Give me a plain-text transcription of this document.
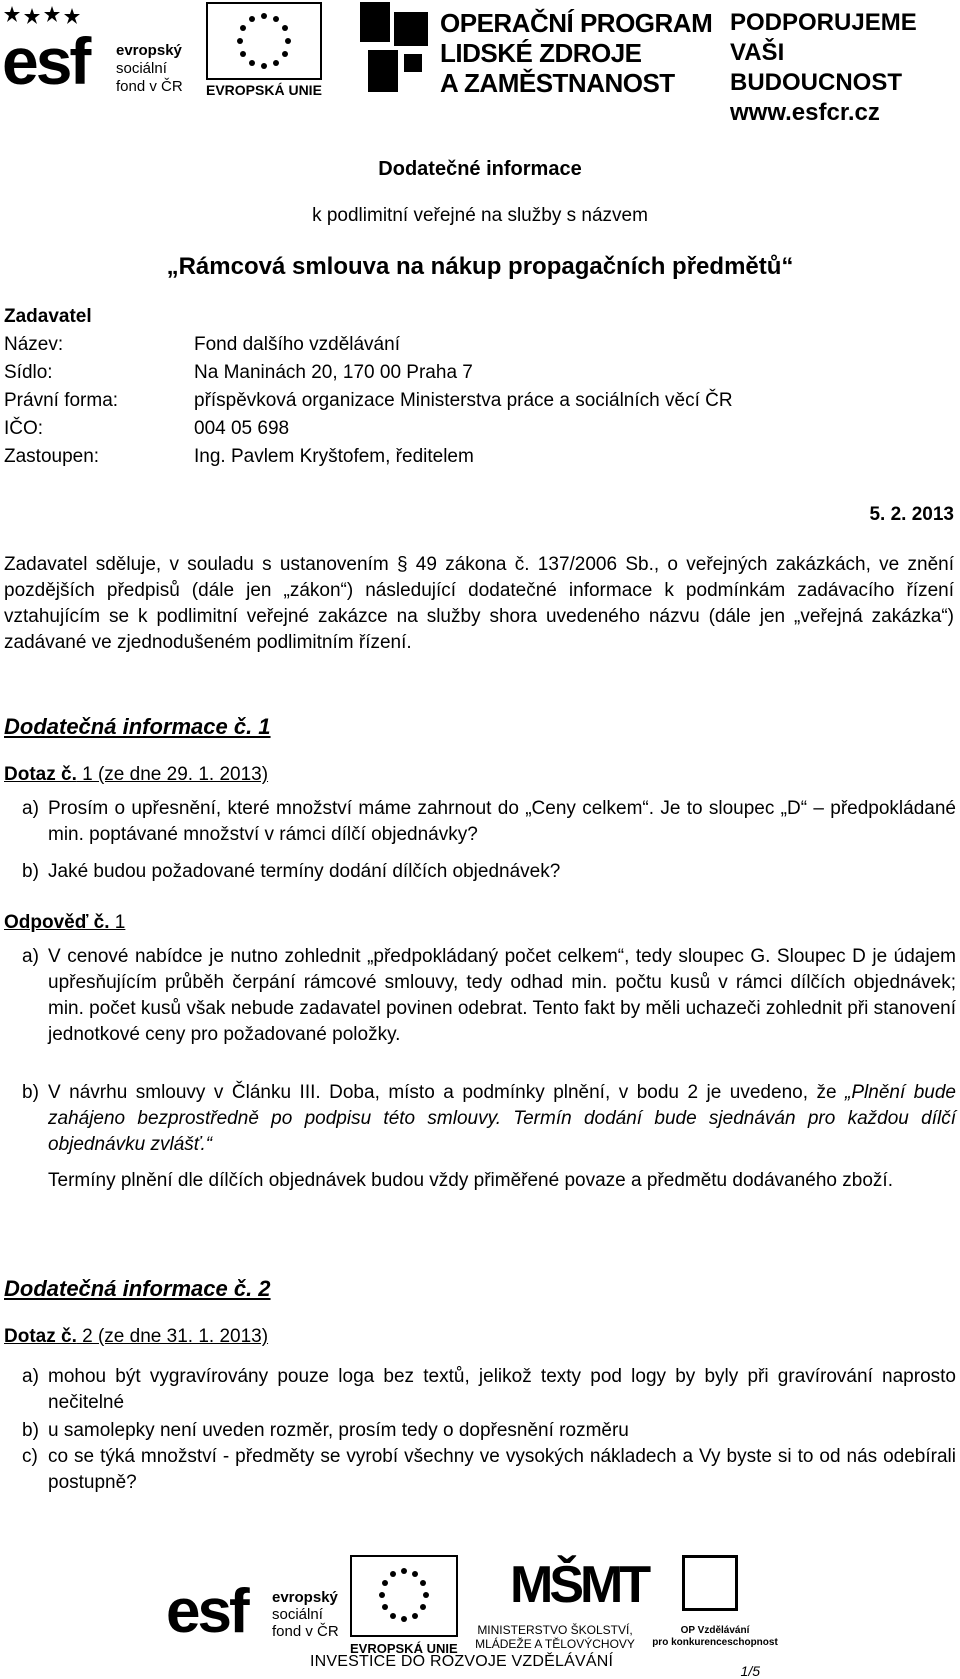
esf evropský
sociální
fond v ČR EVROPSKÁ UNIE
OPERAČNÍ PROGRAM
LIDSKÉ ZDROJE
A ZAMĚSTNANOST
PODPORUJEME
VAŠI BUDOUCNOST
www.esfcr.cz
Dodatečné informace
k podlimitní veřejné na služby s názvem
„Rámcová smlouva na nákup propagačních předmětů“
Zadavatel
Název:	Fond dalšího vzdělávání
Sídlo:	Na Maninách 20, 170 00 Praha 7
Právní forma:	příspěvková organizace Ministerstva práce a sociálních věcí ČR
IČO:	004 05 698
Zastoupen:	Ing. Pavlem Kryštofem, ředitelem
5. 2. 2013
Zadavatel sděluje, v souladu s ustanovením § 49 zákona č. 137/2006 Sb., o veřejných zakázkách, ve znění pozdějších předpisů (dále jen „zákon“) následující dodatečné informace k podmínkám zadávacího řízení vztahujícím se k podlimitní veřejné zakázce na služby shora uvedeného názvu (dále jen „veřejná zakázka“) zadávané ve zjednodušeném podlimitním řízení.
Dodatečná informace č. 1
Dotaz č. 1 (ze dne 29. 1. 2013)
a) Prosím o upřesnění, které množství máme zahrnout do „Ceny celkem“. Je to sloupec „D“ – předpokládané min. poptávané množství v rámci dílčí objednávky?
b) Jaké budou požadované termíny dodání dílčích objednávek?
Odpověď č. 1
a) V cenové nabídce je nutno zohlednit „předpokládaný počet celkem“, tedy sloupec G. Sloupec D je údajem upřesňujícím průběh čerpání rámcové smlouvy, tedy odhad min. počtu kusů v rámci dílčích objednávek; min. počet kusů však nebude zadavatel povinen odebrat. Tento fakt by měli uchazeči zohlednit při stanovení jednotkové ceny pro požadované položky.
b) V návrhu smlouvy v Článku III. Doba, místo a podmínky plnění, v bodu 2 je uvedeno, že „Plnění bude zahájeno bezprostředně po podpisu této smlouvy. Termín dodání bude sjednáván pro každou dílčí objednávku zvlášť.“
Termíny plnění dle dílčích objednávek budou vždy přiměřené povaze a předmětu dodávaného zboží.
Dodatečná informace č. 2
Dotaz č. 2 (ze dne 31. 1. 2013)
a) mohou být vygravírovány pouze loga bez textů, jelikož texty pod logy by byly při gravírování naprosto nečitelné
b) u samolepky není uveden rozměr, prosím tedy o dopřesnění rozměru
c) co se týká množství - předměty se vyrobí všechny ve vysokých nákladech a Vy byste si to od nás odebírali postupně?
esf evropský
sociální
fond v ČR
EVROPSKÁ UNIE
MŠMT
MINISTERSTVO ŠKOLSTVÍ,
MLÁDEŽE A TĚLOVÝCHOVY
OP Vzdělávání
pro konkurenceschopnost
INVESTICE DO ROZVOJE VZDĚLÁVÁNÍ
1/5
